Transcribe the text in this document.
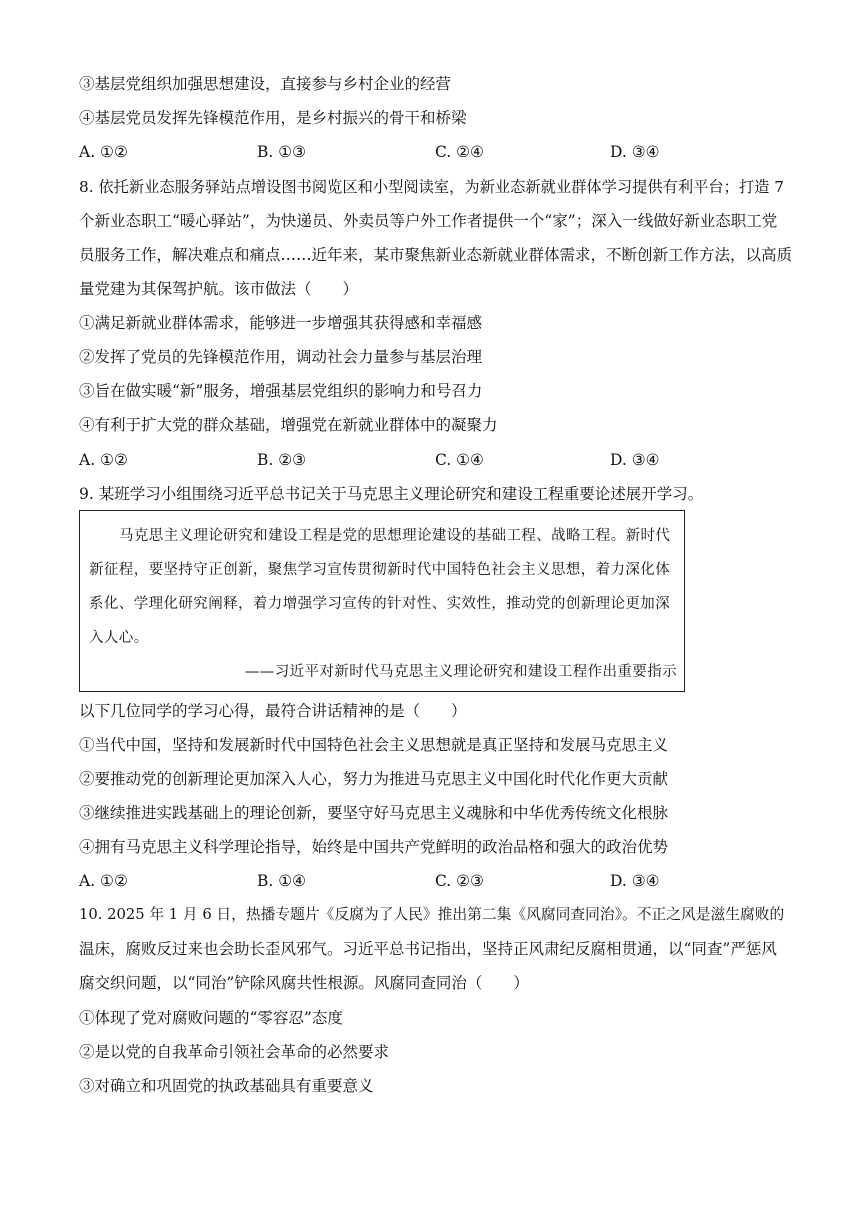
③基层党组织加强思想建设，直接参与乡村企业的经营
④基层党员发挥先锋模范作用，是乡村振兴的骨干和桥梁
A. ①②	B. ①③	C. ②④	D. ③④
8. 依托新业态服务驿站点增设图书阅览区和小型阅读室，为新业态新就业群体学习提供有利平台；打造 7
个新业态职工“暖心驿站”，为快递员、外卖员等户外工作者提供一个“家”；深入一线做好新业态职工党
员服务工作，解决难点和痛点……近年来，某市聚焦新业态新就业群体需求，不断创新工作方法，以高质
量党建为其保驾护航。该市做法（　　）
①满足新就业群体需求，能够进一步增强其获得感和幸福感
②发挥了党员的先锋模范作用，调动社会力量参与基层治理
③旨在做实暖“新”服务，增强基层党组织的影响力和号召力
④有利于扩大党的群众基础，增强党在新就业群体中的凝聚力
A. ①②	B. ②③	C. ①④	D. ③④
9. 某班学习小组围绕习近平总书记关于马克思主义理论研究和建设工程重要论述展开学习。
马克思主义理论研究和建设工程是党的思想理论建设的基础工程、战略工程。新时代
新征程，要坚持守正创新，聚焦学习宣传贯彻新时代中国特色社会主义思想，着力深化体
系化、学理化研究阐释，着力增强学习宣传的针对性、实效性，推动党的创新理论更加深
入人心。
——习近平对新时代马克思主义理论研究和建设工程作出重要指示
以下几位同学的学习心得，最符合讲话精神的是（　　）
①当代中国，坚持和发展新时代中国特色社会主义思想就是真正坚持和发展马克思主义
②要推动党的创新理论更加深入人心，努力为推进马克思主义中国化时代化作更大贡献
③继续推进实践基础上的理论创新，要坚守好马克思主义魂脉和中华优秀传统文化根脉
④拥有马克思主义科学理论指导，始终是中国共产党鲜明的政治品格和强大的政治优势
A. ①②	B. ①④	C. ②③	D. ③④
10. 2025 年 1 月 6 日，热播专题片《反腐为了人民》推出第二集《风腐同查同治》。不正之风是滋生腐败的
温床，腐败反过来也会助长歪风邪气。习近平总书记指出，坚持正风肃纪反腐相贯通，以“同查”严惩风
腐交织问题，以“同治”铲除风腐共性根源。风腐同查同治（　　）
①体现了党对腐败问题的“零容忍”态度
②是以党的自我革命引领社会革命的必然要求
③对确立和巩固党的执政基础具有重要意义
